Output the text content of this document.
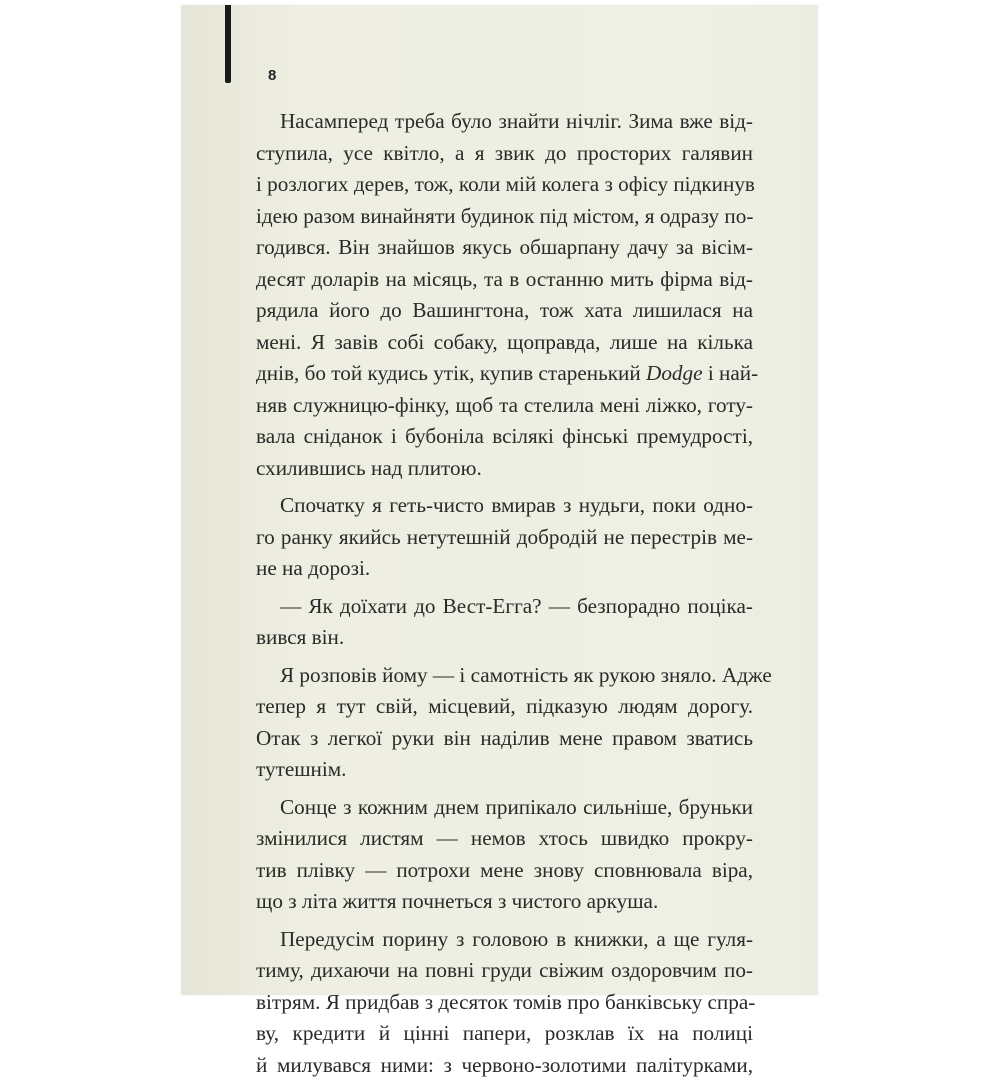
8

Насамперед треба було знайти нічліг. Зима вже від-
ступила, усе квітло, а я звик до просторих галявин
і розлогих дерев, тож, коли мій колега з офісу підкинув
ідею разом винайняти будинок під містом, я одразу по-
годився. Він знайшов якусь обшарпану дачу за вісім-
десят доларів на місяць, та в останню мить фірма від-
рядила його до Вашингтона, тож хата лишилася на
мені. Я завів собі собаку, щоправда, лише на кілька
днів, бо той кудись утік, купив старенький Dodge і най-
няв служницю-фінку, щоб та стелила мені ліжко, готу-
вала сніданок і бубоніла всілякі фінські премудрості,
схилившись над плитою.
Спочатку я геть-чисто вмирав з нудьги, поки одно-
го ранку якийсь нетутешній добродій не перестрів ме-
не на дорозі.
— Як доїхати до Вест-Егга? — безпорадно поціка-
вився він.
Я розповів йому — і самотність як рукою зняло. Адже
тепер я тут свій, місцевий, підказую людям дорогу.
Отак з легкої руки він наділив мене правом зватись
тутешнім.
Сонце з кожним днем припікало сильніше, бруньки
змінилися листям — немов хтось швидко прокру-
тив плівку — потрохи мене знову сповнювала віра,
що з літа життя почнеться з чистого аркуша.
Передусім порину з головою в книжки, а ще гуля-
тиму, дихаючи на повні груди свіжим оздоровчим по-
вітрям. Я придбав з десяток томів про банківську спра-
ву, кредити й цінні папери, розклав їх на полиці
й милувався ними: з червоно-золотими палітурками,
